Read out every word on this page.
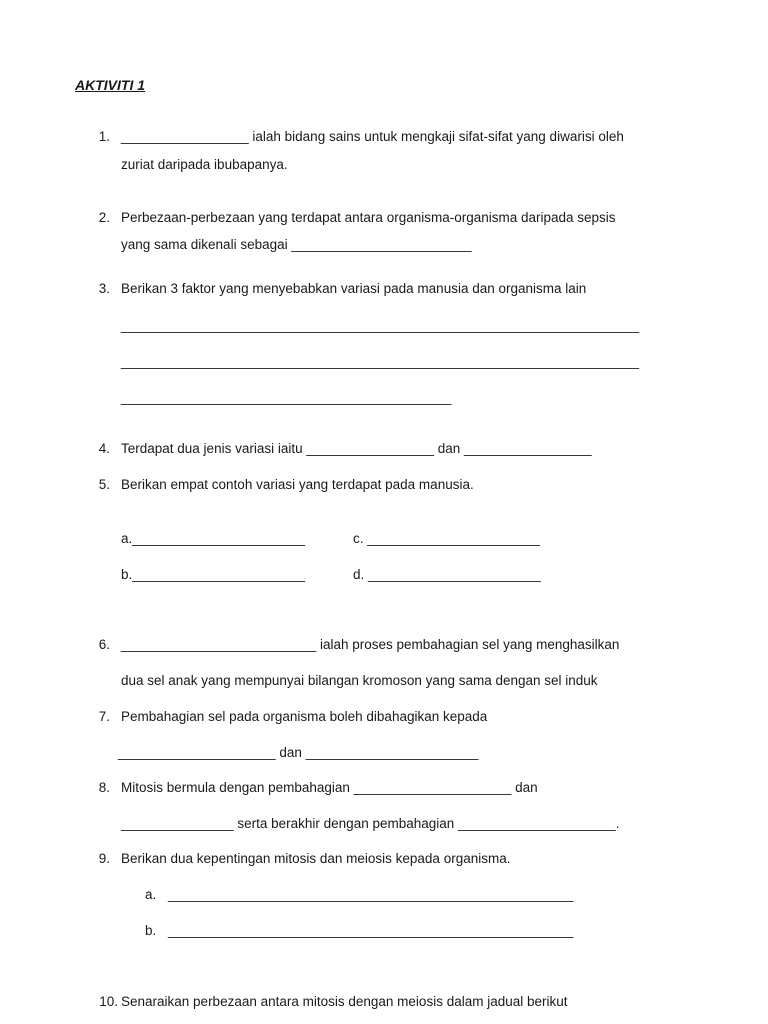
AKTIVITI 1
1. _________________ ialah bidang sains untuk mengkaji sifat-sifat yang diwarisi oleh
zuriat daripada ibubapanya.
2. Perbezaan-perbezaan yang terdapat antara organisma-organisma daripada sepsis
yang sama dikenali sebagai ________________________
3. Berikan 3 faktor yang menyebabkan variasi pada manusia dan organisma lain
_____________________________________________________________________
_____________________________________________________________________
____________________________________________
4. Terdapat dua jenis variasi iaitu _________________ dan _________________
5. Berikan empat contoh variasi yang terdapat pada manusia.
a._______________________	c. _______________________
b._______________________	d. _______________________
6. __________________________ ialah proses pembahagian sel yang menghasilkan
dua sel anak yang mempunyai bilangan kromoson yang sama dengan sel induk
7. Pembahagian sel pada organisma boleh dibahagikan kepada
_____________________ dan _______________________
8. Mitosis bermula dengan pembahagian _____________________ dan
_______________ serta berakhir dengan pembahagian _____________________.
9. Berikan dua kepentingan mitosis dan meiosis kepada organisma.
a. ______________________________________________________
b. ______________________________________________________
10. Senaraikan perbezaan antara mitosis dengan meiosis dalam jadual berikut
